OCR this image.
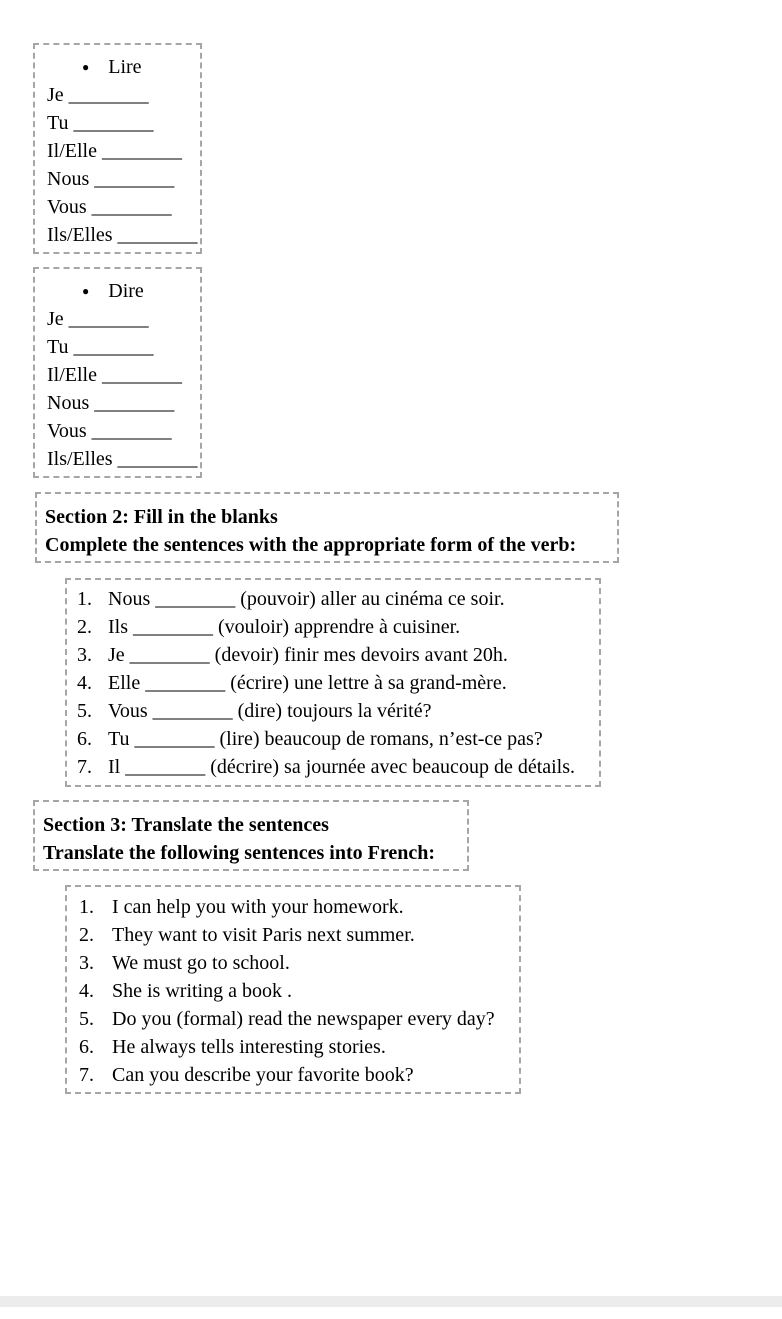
● Lire
Je ________
Tu ________
Il/Elle ________
Nous ________
Vous ________
Ils/Elles ________
● Dire
Je ________
Tu ________
Il/Elle ________
Nous ________
Vous ________
Ils/Elles ________
Section 2: Fill in the blanks
Complete the sentences with the appropriate form of the verb:
1. Nous ________ (pouvoir) aller au cinéma ce soir.
2. Ils ________ (vouloir) apprendre à cuisiner.
3. Je ________ (devoir) finir mes devoirs avant 20h.
4. Elle ________ (écrire) une lettre à sa grand-mère.
5. Vous ________ (dire) toujours la vérité?
6. Tu ________ (lire) beaucoup de romans, n’est-ce pas?
7. Il ________ (décrire) sa journée avec beaucoup de détails.
Section 3: Translate the sentences
Translate the following sentences into French:
1. I can help you with your homework.
2. They want to visit Paris next summer.
3. We must go to school.
4. She is writing a book .
5. Do you (formal) read the newspaper every day?
6. He always tells interesting stories.
7. Can you describe your favorite book?
